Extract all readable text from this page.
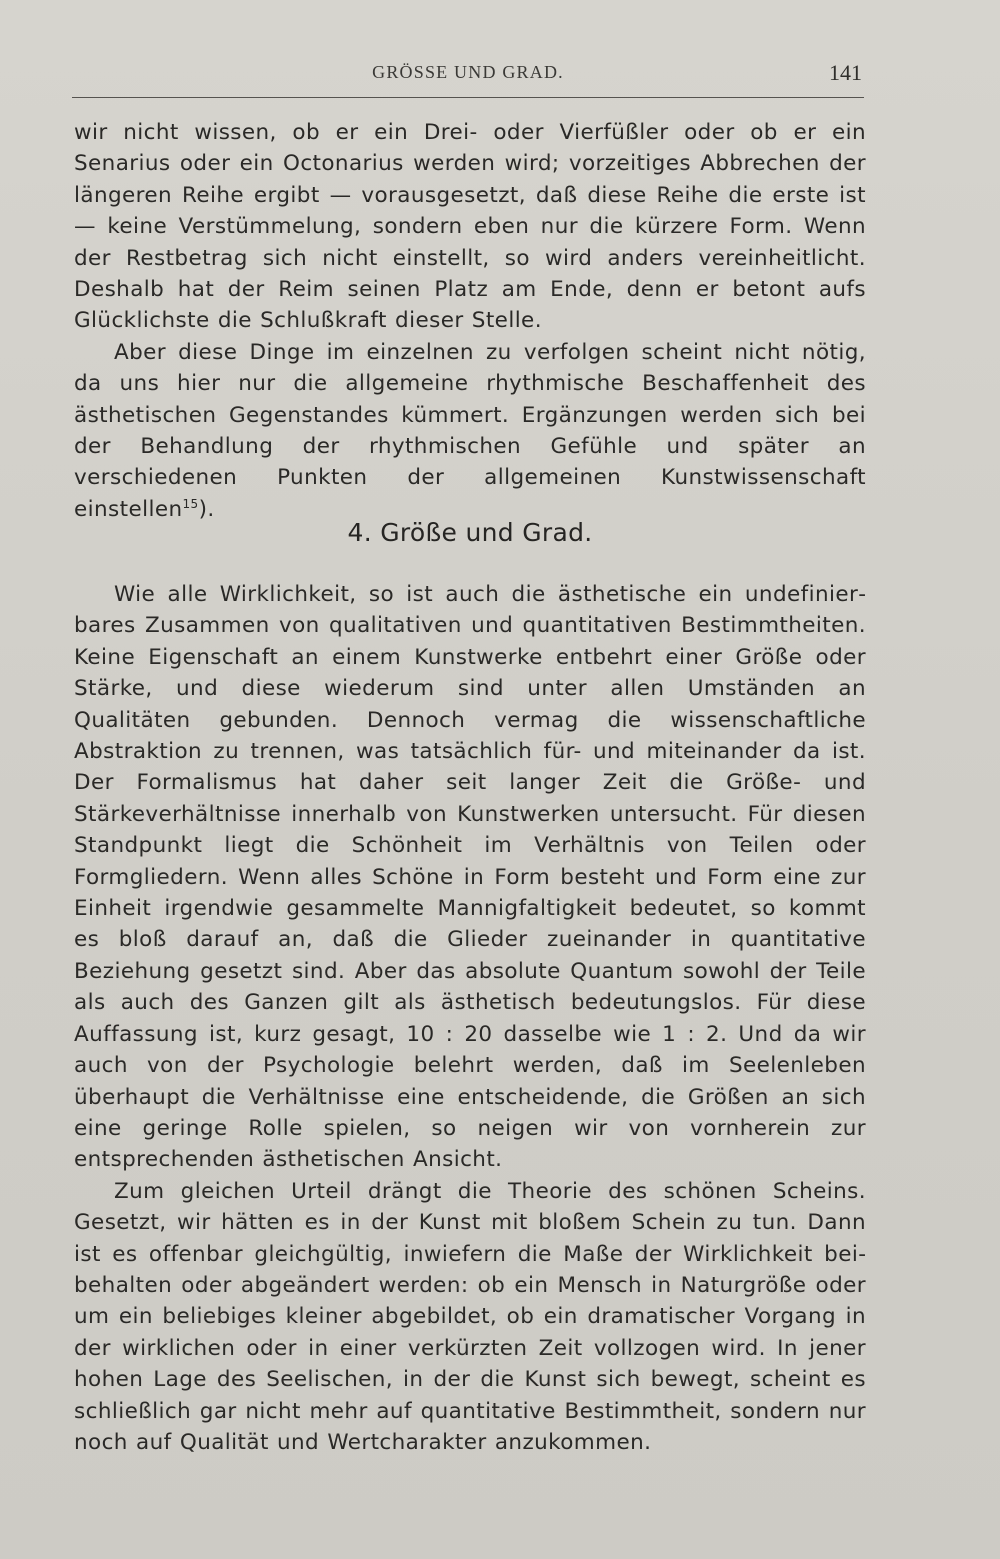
GRÖSSE UND GRAD.	141

wir nicht wissen, ob er ein Drei- oder Vierfüßler oder ob er ein Senarius oder ein Octonarius werden wird; vorzeitiges Abbrechen der längeren Reihe ergibt — vorausgesetzt, daß diese Reihe die erste ist — keine Verstümmelung, sondern eben nur die kürzere Form. Wenn der Restbetrag sich nicht einstellt, so wird anders vereinheitlicht. Deshalb hat der Reim seinen Platz am Ende, denn er betont aufs Glücklichste die Schlußkraft dieser Stelle.

Aber diese Dinge im einzelnen zu verfolgen scheint nicht nötig, da uns hier nur die allgemeine rhythmische Beschaffenheit des ästhetischen Gegenstandes kümmert. Ergänzungen werden sich bei der Behandlung der rhythmischen Gefühle und später an verschiedenen Punkten der allgemeinen Kunstwissenschaft einstellen$^{15}$).

4. Größe und Grad.

Wie alle Wirklichkeit, so ist auch die ästhetische ein undefinierbares Zusammen von qualitativen und quantitativen Bestimmtheiten. Keine Eigenschaft an einem Kunstwerke entbehrt einer Größe oder Stärke, und diese wiederum sind unter allen Umständen an Qualitäten gebunden. Dennoch vermag die wissenschaftliche Abstraktion zu trennen, was tatsächlich für- und miteinander da ist. Der Formalismus hat daher seit langer Zeit die Größe- und Stärkeverhältnisse innerhalb von Kunstwerken untersucht. Für diesen Standpunkt liegt die Schönheit im Verhältnis von Teilen oder Formgliedern. Wenn alles Schöne in Form besteht und Form eine zur Einheit irgendwie gesammelte Mannigfaltigkeit bedeutet, so kommt es bloß darauf an, daß die Glieder zueinander in quantitative Beziehung gesetzt sind. Aber das absolute Quantum sowohl der Teile als auch des Ganzen gilt als ästhetisch bedeutungslos. Für diese Auffassung ist, kurz gesagt, 10 : 20 dasselbe wie 1 : 2. Und da wir auch von der Psychologie belehrt werden, daß im Seelenleben überhaupt die Verhältnisse eine entscheidende, die Größen an sich eine geringe Rolle spielen, so neigen wir von vornherein zur entsprechenden ästhetischen Ansicht.

Zum gleichen Urteil drängt die Theorie des schönen Scheins. Gesetzt, wir hätten es in der Kunst mit bloßem Schein zu tun. Dann ist es offenbar gleichgültig, inwiefern die Maße der Wirklichkeit beibehalten oder abgeändert werden: ob ein Mensch in Naturgröße oder um ein beliebiges kleiner abgebildet, ob ein dramatischer Vorgang in der wirklichen oder in einer verkürzten Zeit vollzogen wird. In jener hohen Lage des Seelischen, in der die Kunst sich bewegt, scheint es schließlich gar nicht mehr auf quantitative Bestimmtheit, sondern nur noch auf Qualität und Wertcharakter anzukommen.
